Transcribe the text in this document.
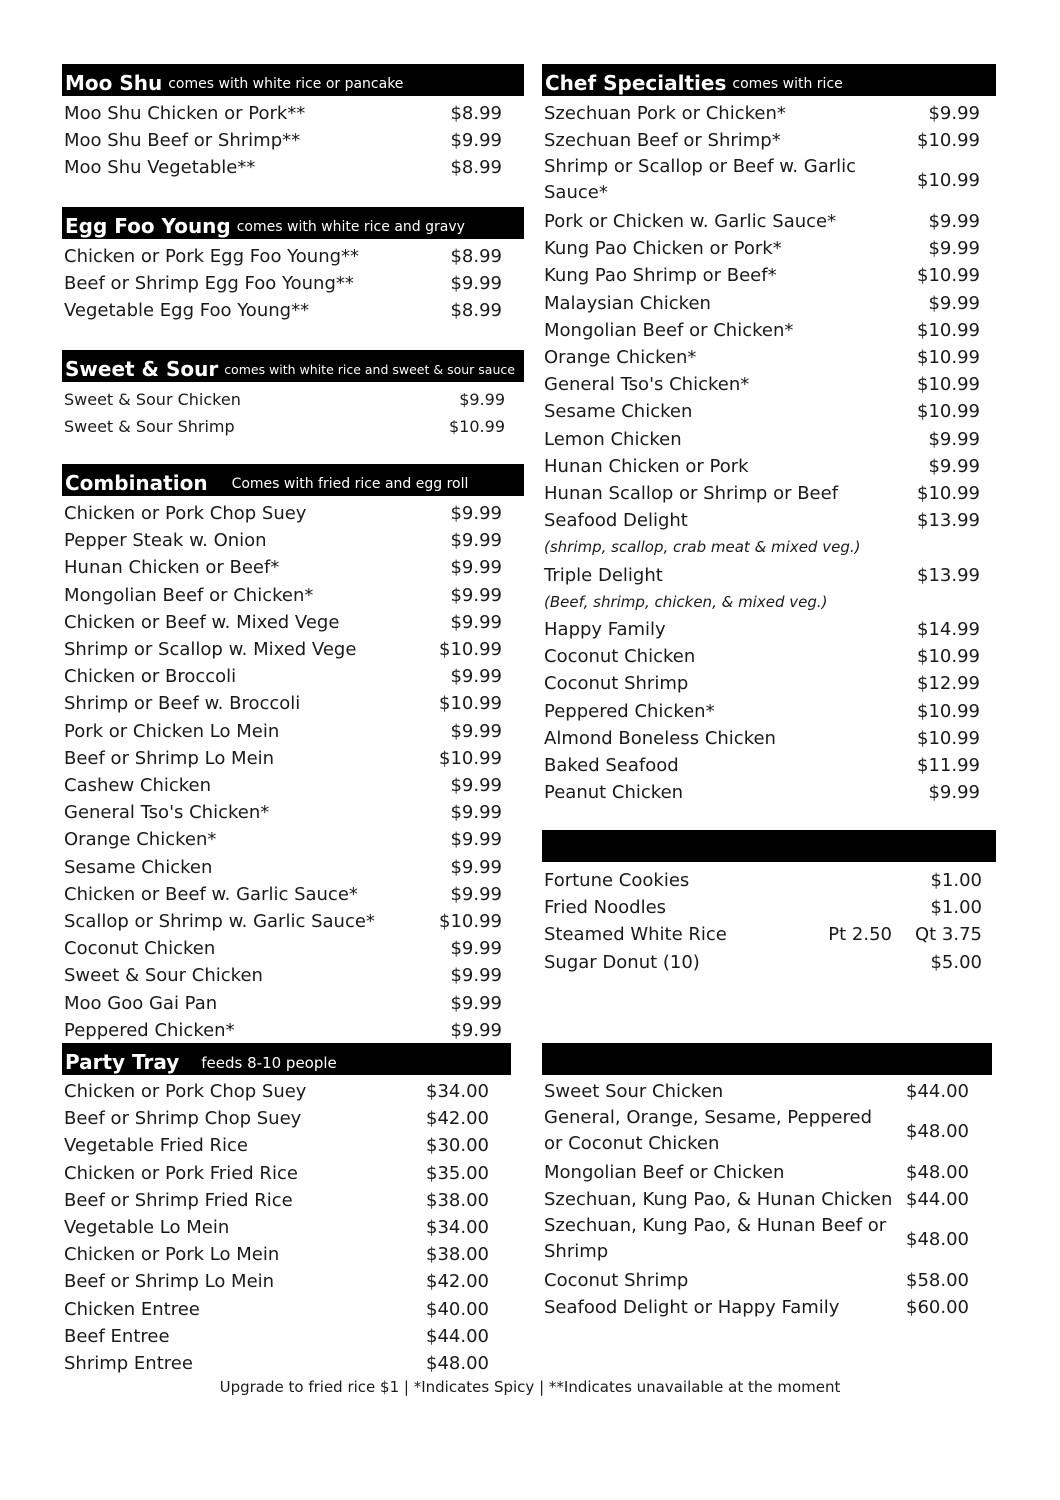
Moo Shu comes with white rice or pancake
Moo Shu Chicken or Pork**	$8.99
Moo Shu Beef or Shrimp**	$9.99
Moo Shu Vegetable**	$8.99
Egg Foo Young comes with white rice and gravy
Chicken or Pork Egg Foo Young**	$8.99
Beef or Shrimp Egg Foo Young**	$9.99
Vegetable Egg Foo Young**	$8.99
Sweet & Sour comes with white rice and sweet & sour sauce
Sweet & Sour Chicken	$9.99
Sweet & Sour Shrimp	$10.99
Combination Comes with fried rice and egg roll
Chicken or Pork Chop Suey	$9.99
Pepper Steak w. Onion	$9.99
Hunan Chicken or Beef*	$9.99
Mongolian Beef or Chicken*	$9.99
Chicken or Beef w. Mixed Vege	$9.99
Shrimp or Scallop w. Mixed Vege	$10.99
Chicken or Broccoli	$9.99
Shrimp or Beef w. Broccoli	$10.99
Pork or Chicken Lo Mein	$9.99
Beef or Shrimp Lo Mein	$10.99
Cashew Chicken	$9.99
General Tso's Chicken*	$9.99
Orange Chicken*	$9.99
Sesame Chicken	$9.99
Chicken or Beef w. Garlic Sauce*	$9.99
Scallop or Shrimp w. Garlic Sauce*	$10.99
Coconut Chicken	$9.99
Sweet & Sour Chicken	$9.99
Moo Goo Gai Pan	$9.99
Peppered Chicken*	$9.99
Party Tray feeds 8-10 people
Chicken or Pork Chop Suey	$34.00
Beef or Shrimp Chop Suey	$42.00
Vegetable Fried Rice	$30.00
Chicken or Pork Fried Rice	$35.00
Beef or Shrimp Fried Rice	$38.00
Vegetable Lo Mein	$34.00
Chicken or Pork Lo Mein	$38.00
Beef or Shrimp Lo Mein	$42.00
Chicken Entree	$40.00
Beef Entree	$44.00
Shrimp Entree	$48.00
Chef Specialties comes with rice
Szechuan Pork or Chicken*	$9.99
Szechuan Beef or Shrimp*	$10.99
Shrimp or Scallop or Beef w. Garlic Sauce*
$10.99
Pork or Chicken w. Garlic Sauce*	$9.99
Kung Pao Chicken or Pork*	$9.99
Kung Pao Shrimp or Beef*	$10.99
Malaysian Chicken	$9.99
Mongolian Beef or Chicken*	$10.99
Orange Chicken*	$10.99
General Tso's Chicken*	$10.99
Sesame Chicken	$10.99
Lemon Chicken	$9.99
Hunan Chicken or Pork	$9.99
Hunan Scallop or Shrimp or Beef	$10.99
Seafood Delight	$13.99
(shrimp, scallop, crab meat & mixed veg.)
Triple Delight	$13.99
(Beef, shrimp, chicken, & mixed veg.)
Happy Family	$14.99
Coconut Chicken	$10.99
Coconut Shrimp	$12.99
Peppered Chicken*	$10.99
Almond Boneless Chicken	$10.99
Baked Seafood	$11.99
Peanut Chicken	$9.99
Fortune Cookies	$1.00
Fried Noodles	$1.00
Steamed White Rice	Pt 2.50 Qt 3.75
Sugar Donut (10)	$5.00
Sweet Sour Chicken	$44.00
General, Orange, Sesame, Peppered or Coconut Chicken
$48.00
Mongolian Beef or Chicken	$48.00
Szechuan, Kung Pao, & Hunan Chicken $44.00
Szechuan, Kung Pao, & Hunan Beef or Shrimp
$48.00
Coconut Shrimp	$58.00
Seafood Delight or Happy Family	$60.00
Upgrade to fried rice $1 | *Indicates Spicy | **Indicates unavailable at the moment
